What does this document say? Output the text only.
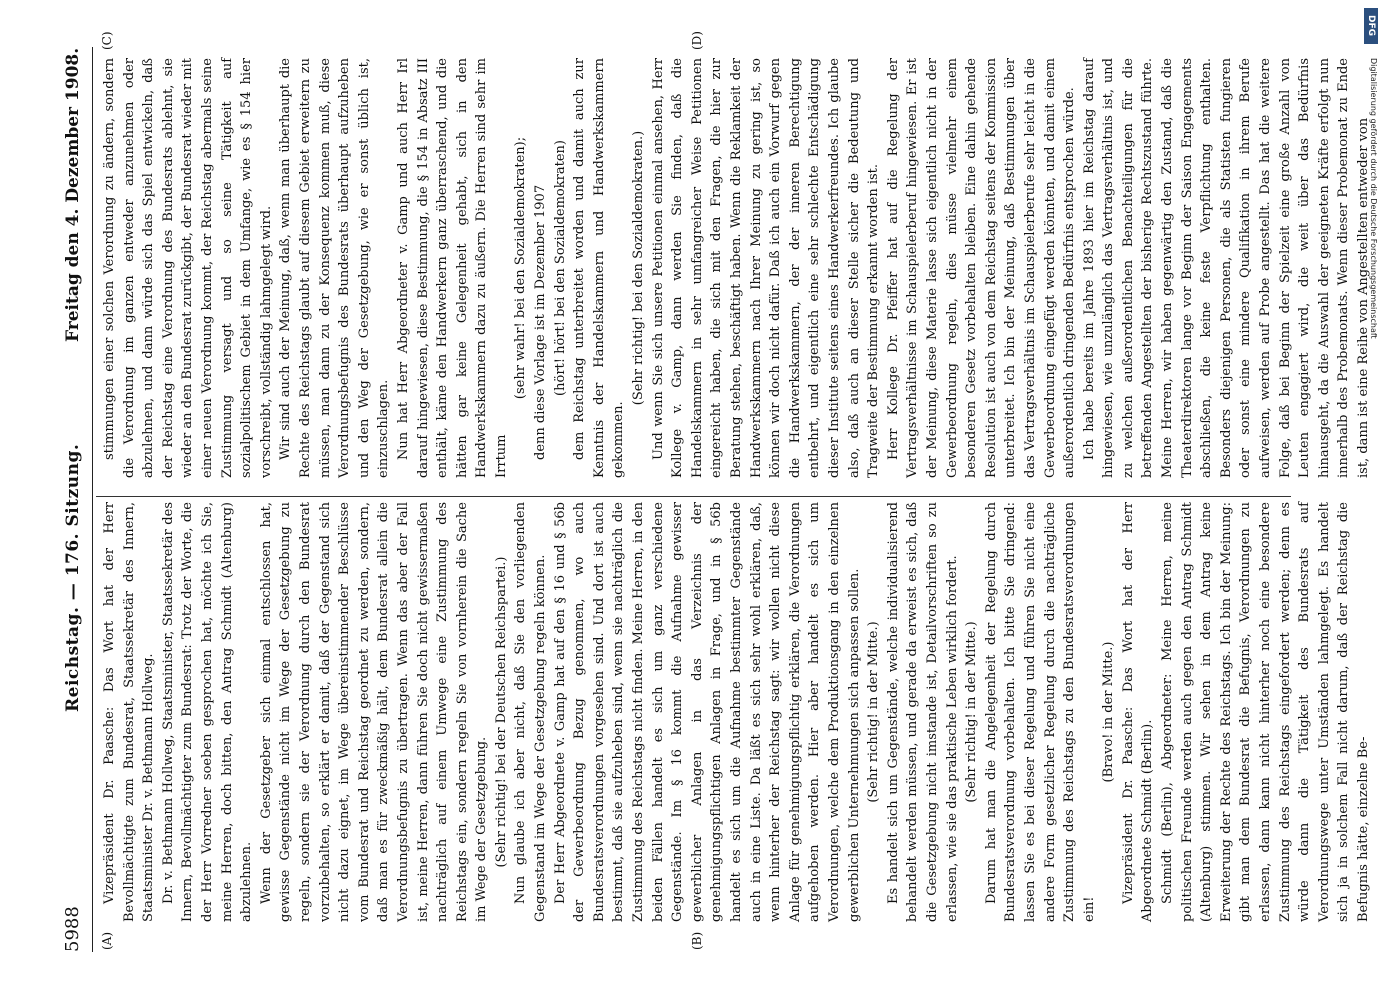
5988
Reichstag. — 176. Sitzung.
Freitag den 4. Dezember 1908.
(A)	(B)
(C)	(D)

Vizepräsident Dr. Paasche: Das Wort hat der Herr Bevollmächtigte zum Bundesrat, Staatssekretär des Innern, Staatsminister Dr. v. Bethmann Hollweg. Dr. v. Bethmann Hollweg, Staatsminister, Staatssekretär des Innern, Bevollmächtigter zum Bundesrat: Trotz der Worte, die der Herr Vorredner soeben gesprochen hat, möchte ich Sie, meine Herren, doch bitten, den Antrag Schmidt (Altenburg) abzulehnen. Wenn der Gesetzgeber sich einmal entschlossen hat, gewisse Gegenstände nicht im Wege der Gesetzgebung zu regeln, sondern sie der Verordnung durch den Bundesrat vorzubehalten, so erklärt er damit, daß der Gegenstand sich nicht dazu eignet, im Wege übereinstimmender Beschlüsse vom Bundesrat und Reichstag geordnet zu werden, sondern, daß man es für zweckmäßig hält, dem Bundesrat allein die Verordnungsbefugnis zu übertragen. Wenn das aber der Fall ist, meine Herren, dann führen Sie doch nicht gewissermaßen nachträglich auf einem Umwege eine Zustimmung des Reichstags ein, sondern regeln Sie von vornherein die Sache im Wege der Gesetzgebung. (Sehr richtig! bei der Deutschen Reichspartei.) Nun glaube ich aber nicht, daß Sie den vorliegenden Gegenstand im Wege der Gesetzgebung regeln können. Der Herr Abgeordnete v. Gamp hat auf den § 16 und § 56b der Gewerbeordnung Bezug genommen, wo auch Bundesratsverordnungen vorgesehen sind. Und dort ist auch bestimmt, daß sie aufzuheben sind, wenn sie nachträglich die Zustimmung des Reichstags nicht finden. Meine Herren, in den beiden Fällen handelt es sich um ganz verschiedene Gegenstände. Im § 16 kommt die Aufnahme gewisser gewerblicher Anlagen in das Verzeichnis der genehmigungspflichtigen Anlagen in Frage, und in § 56b handelt es sich um die Aufnahme bestimmter Gegenstände auch in eine Liste. Da läßt es sich sehr wohl erklären, daß, wenn hinterher der Reichstag sagt: wir wollen nicht diese Anlage für genehmigungspflichtig erklären, die Verordnungen aufgehoben werden. Hier aber handelt es sich um Verordnungen, welche dem Produktionsgang in den einzelnen gewerblichen Unternehmungen sich anpassen sollen. (Sehr richtig! in der Mitte.) Es handelt sich um Gegenstände, welche individualisierend behandelt werden müssen, und gerade da erweist es sich, daß die Gesetzgebung nicht imstande ist, Detailvorschriften so zu erlassen, wie sie das praktische Leben wirklich fordert. (Sehr richtig! in der Mitte.) Darum hat man die Angelegenheit der Regelung durch Bundesratsverordnung vorbehalten. Ich bitte Sie dringend: lassen Sie es bei dieser Regelung und führen Sie nicht eine andere Form gesetzlicher Regelung durch die nachträgliche Zustimmung des Reichstags zu den Bundesratsverordnungen ein!

(Bravo! in der Mitte.) Vizepräsident Dr. Paasche: Das Wort hat der Herr Abgeordnete Schmidt (Berlin). Schmidt (Berlin), Abgeordneter: Meine Herren, meine politischen Freunde werden auch gegen den Antrag Schmidt (Altenburg) stimmen. Wir sehen in dem Antrag keine Erweiterung der Rechte des Reichstags. Ich bin der Meinung: gibt man dem Bundesrat die Befugnis, Verordnungen zu erlassen, dann kann nicht hinterher noch eine besondere Zustimmung des Reichstags eingefordert werden; denn es würde dann die Tätigkeit des Bundesrats auf Verordnungswege unter Umständen lahmgelegt. Es handelt sich ja in solchem Fall nicht darum, daß der Reichstag die Befugnis hätte, einzelne Be-

stimmungen einer solchen Verordnung zu ändern, sondern die Verordnung im ganzen entweder anzunehmen oder abzulehnen, und dann würde sich das Spiel entwickeln, daß der Reichstag eine Verordnung des Bundesrats ablehnt, sie wieder an den Bundesrat zurückgibt, der Bundesrat wieder mit einer neuen Verordnung kommt, der Reichstag abermals seine Zustimmung versagt und so seine Tätigkeit auf sozialpolitischem Gebiet in dem Umfange, wie es § 154 hier vorschreibt, vollständig lahmgelegt wird. Wir sind auch der Meinung, daß, wenn man überhaupt die Rechte des Reichstags glaubt auf diesem Gebiet erweitern zu müssen, man dann zu der Konsequenz kommen muß, diese Verordnungsbefugnis des Bundesrats überhaupt aufzuheben und den Weg der Gesetzgebung, wie er sonst üblich ist, einzuschlagen. Nun hat Herr Abgeordneter v. Gamp und auch Herr Irl darauf hingewiesen, diese Bestimmung, die § 154 in Absatz III enthält, käme den Handwerkern ganz überraschend, und die hätten gar keine Gelegenheit gehabt, sich in den Handwerkskammern dazu zu äußern. Die Herren sind sehr im Irrtum

(sehr wahr! bei den Sozialdemokraten); denn diese Vorlage ist im Dezember 1907 (hört! hört! bei den Sozialdemokraten) dem Reichstag unterbreitet worden und damit auch zur Kenntnis der Handelskammern und Handwerkskammern gekommen.

(Sehr richtig! bei den Sozialdemokraten.) Und wenn Sie sich unsere Petitionen einmal ansehen, Herr Kollege v. Gamp, dann werden Sie finden, daß die Handelskammern in sehr umfangreicher Weise Petitionen eingereicht haben, die sich mit den Fragen, die hier zur Beratung stehen, beschäftigt haben. Wenn die Reklamkeit der Handwerkskammern nach Ihrer Meinung zu gering ist, so können wir doch nicht dafür. Daß ich auch ein Vorwurf gegen die Handwerkskammern, der der inneren Berechtigung entbehrt, und eigentlich eine sehr schlechte Entschädigung dieser Institute seitens eines Handwerkerfreundes. Ich glaube also, daß auch an dieser Stelle sicher die Bedeutung und Tragweite der Bestimmung erkannt worden ist. Herr Kollege Dr. Pfeiffer hat auf die Regelung der Vertragsverhältnisse im Schauspielerberuf hingewiesen. Er ist der Meinung, diese Materie lasse sich eigentlich nicht in der Gewerbeordnung regeln, dies müsse vielmehr einem besonderen Gesetz vorbehalten bleiben. Eine dahin gehende Resolution ist auch von dem Reichstag seitens der Kommission unterbreitet. Ich bin der Meinung, daß Bestimmungen über das Vertragsverhältnis im Schauspielerberufe sehr leicht in die Gewerbeordnung eingefügt werden könnten, und damit einem außerordentlich dringenden Bedürfnis entsprochen würde. Ich habe bereits im Jahre 1893 hier im Reichstag darauf hingewiesen, wie unzulänglich das Vertragsverhältnis ist, und zu welchen außerordentlichen Benachteiligungen für die betreffenden Angestellten der bisherige Rechtszustand führte. Meine Herren, wir haben gegenwärtig den Zustand, daß die Theaterdirektoren lange vor Beginn der Saison Engagements abschließen, die keine feste Verpflichtung enthalten. Besonders diejenigen Personen, die als Statisten fungieren oder sonst eine mindere Qualifikation in ihrem Berufe aufweisen, werden auf Probe angestellt. Das hat die weitere Folge, daß bei Beginn der Spielzeit eine große Anzahl von Leuten engagiert wird, die weit über das Bedürfnis hinausgeht, da die Auswahl der geeigneten Kräfte erfolgt nun innerhalb des Probemonats. Wenn dieser Probemonat zu Ende ist, dann ist eine Reihe von Angestellten entweder von

DFG
Digitalisierung gefördert durch die Deutsche Forschungsgemeinschaft
